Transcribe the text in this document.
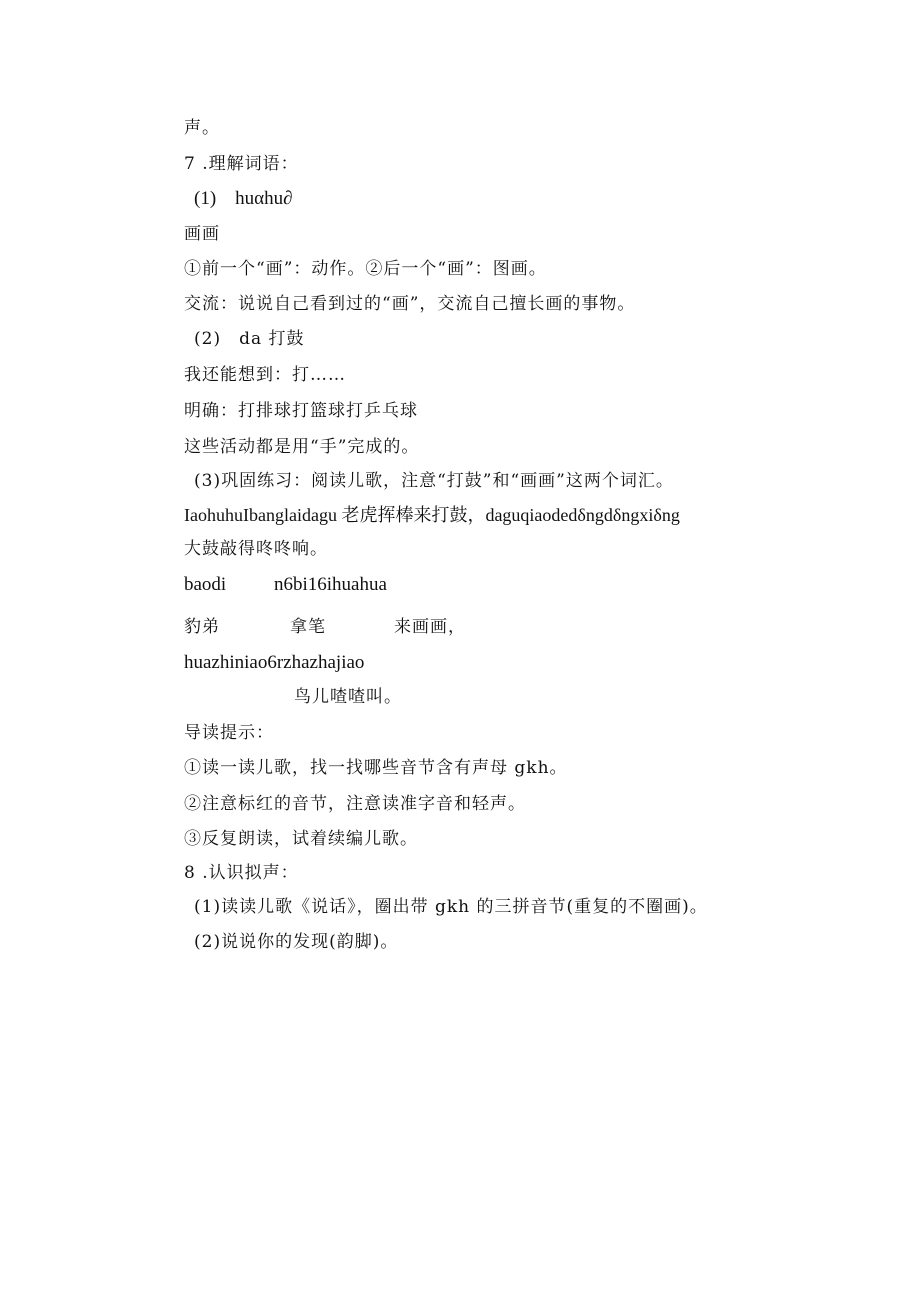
声。
7 .理解词语：
(1)　huαhu∂
画画
①前一个“画”：动作。②后一个“画”：图画。
交流：说说自己看到过的“画”，交流自己擅长画的事物。
(2)　da 打鼓
我还能想到：打……
明确：打排球打篮球打乒乓球
这些活动都是用“手”完成的。
(3)巩固练习：阅读儿歌，注意“打鼓”和“画画”这两个词汇。
IaohuhuIbanglaidagu 老虎挥棒来打鼓，daguqiaodedδngdδngxiδng
大鼓敲得咚咚响。
baodi	n6bi16ihuahua
豹弟	拿笔	来画画，
huazhiniao6rzhazhajiao
鸟儿喳喳叫。
导读提示：
①读一读儿歌，找一找哪些音节含有声母 gkh。
②注意标红的音节，注意读准字音和轻声。
③反复朗读，试着续编儿歌。
8 .认识拟声：
(1)读读儿歌《说话》，圈出带 gkh 的三拼音节(重复的不圈画)。
(2)说说你的发现(韵脚)。
